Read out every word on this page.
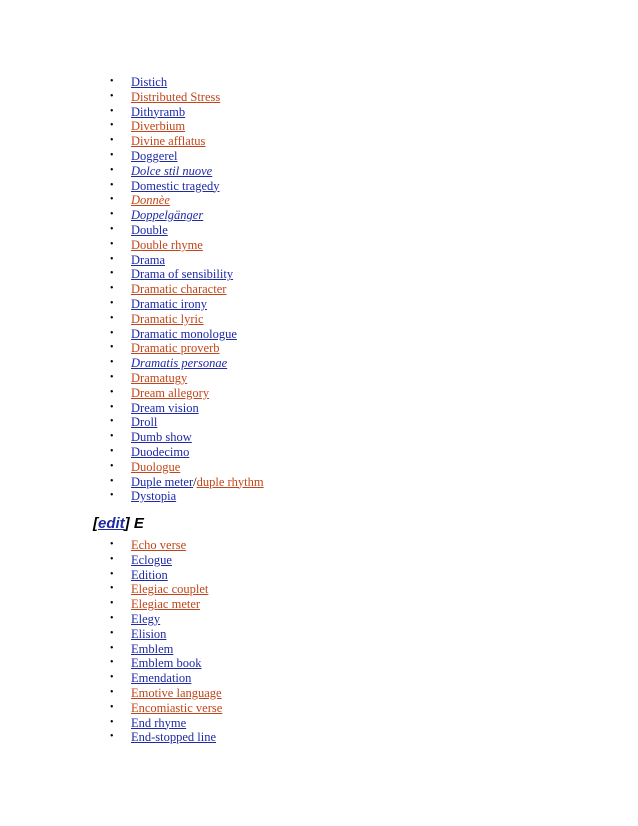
• Distich
• Distributed Stress
• Dithyramb
• Diverbium
• Divine afflatus
• Doggerel
• Dolce stil nuove
• Domestic tragedy
• Donnèe
• Doppelgänger
• Double
• Double rhyme
• Drama
• Drama of sensibility
• Dramatic character
• Dramatic irony
• Dramatic lyric
• Dramatic monologue
• Dramatic proverb
• Dramatis personae
• Dramatugy
• Dream allegory
• Dream vision
• Droll
• Dumb show
• Duodecimo
• Duologue
• Duple meter/duple rhythm
• Dystopia
[edit] E
• Echo verse
• Eclogue
• Edition
• Elegiac couplet
• Elegiac meter
• Elegy
• Elision
• Emblem
• Emblem book
• Emendation
• Emotive language
• Encomiastic verse
• End rhyme
• End-stopped line
